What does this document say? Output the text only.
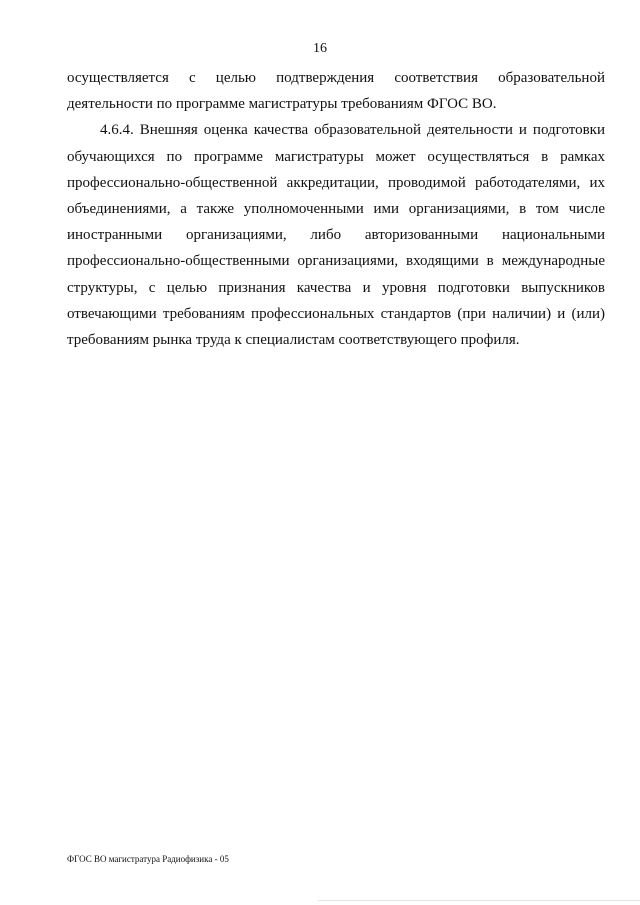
16
осуществляется с целью подтверждения соответствия образовательной
деятельности по программе магистратуры требованиям ФГОС ВО.
4.6.4. Внешняя оценка качества образовательной деятельности и подготовки
обучающихся по программе магистратуры может осуществляться в рамках
профессионально-общественной аккредитации, проводимой работодателями, их
объединениями, а также уполномоченными ими организациями, в том числе
иностранными организациями, либо авторизованными национальными
профессионально-общественными организациями, входящими в международные
структуры, с целью признания качества и уровня подготовки выпускников
отвечающими требованиям профессиональных стандартов (при наличии) и (или)
требованиям рынка труда к специалистам соответствующего профиля.
ФГОС ВО магистратура Радиофизика - 05
